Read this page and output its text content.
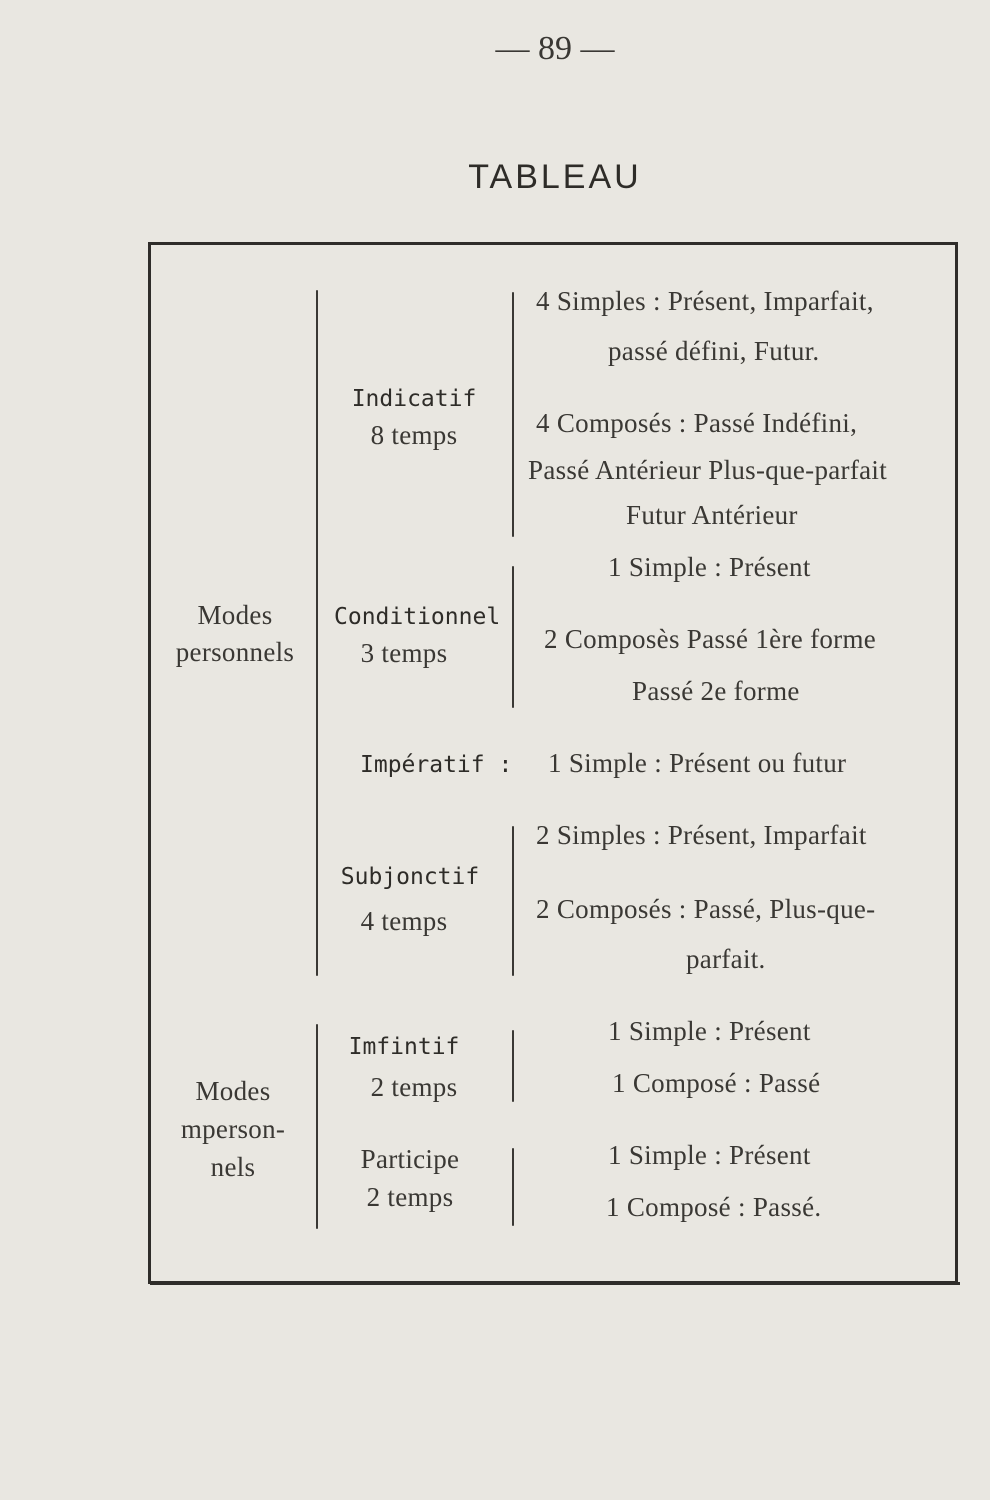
— 89 —
TABLEAU
Modes
personnels
Indicatif
8 temps
4 Simples : Présent, Imparfait,
passé défini, Futur.
4 Composés : Passé Indéfini,
Passé Antérieur Plus-que-parfait
Futur Antérieur
Conditionnel
3 temps
1 Simple : Présent
2 Composès Passé 1ère forme
Passé 2e forme
Impératif : 1 Simple : Présent ou futur
Subjonctif
4 temps
2 Simples : Présent, Imparfait
2 Composés : Passé, Plus-que-
parfait.
Modes
mperson-
nels
Imfintif
2 temps
1 Simple : Présent
1 Composé : Passé
Participe
2 temps
1 Simple : Présent
1 Composé : Passé.
